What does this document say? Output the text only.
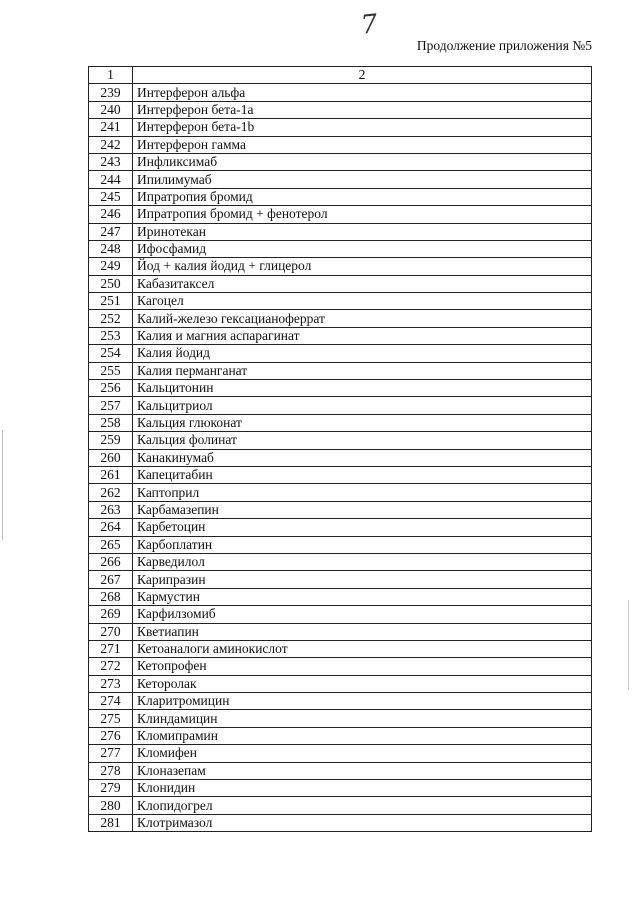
7
Продолжение приложения №5
1	2
239	Интерферон альфа
240	Интерферон бета-1a
241	Интерферон бета-1b
242	Интерферон гамма
243	Инфликсимаб
244	Ипилимумаб
245	Ипратропия бромид
246	Ипратропия бромид + фенотерол
247	Иринотекан
248	Ифосфамид
249	Йод + калия йодид + глицерол
250	Кабазитаксел
251	Кагоцел
252	Калий-железо гексацианоферрат
253	Калия и магния аспарагинат
254	Калия йодид
255	Калия перманганат
256	Кальцитонин
257	Кальцитриол
258	Кальция глюконат
259	Кальция фолинат
260	Канакинумаб
261	Капецитабин
262	Каптоприл
263	Карбамазепин
264	Карбетоцин
265	Карбоплатин
266	Карведилол
267	Карипразин
268	Кармустин
269	Карфилзомиб
270	Кветиапин
271	Кетоаналоги аминокислот
272	Кетопрофен
273	Кеторолак
274	Кларитромицин
275	Клиндамицин
276	Кломипрамин
277	Кломифен
278	Клоназепам
279	Клонидин
280	Клопидогрел
281	Клотримазол
